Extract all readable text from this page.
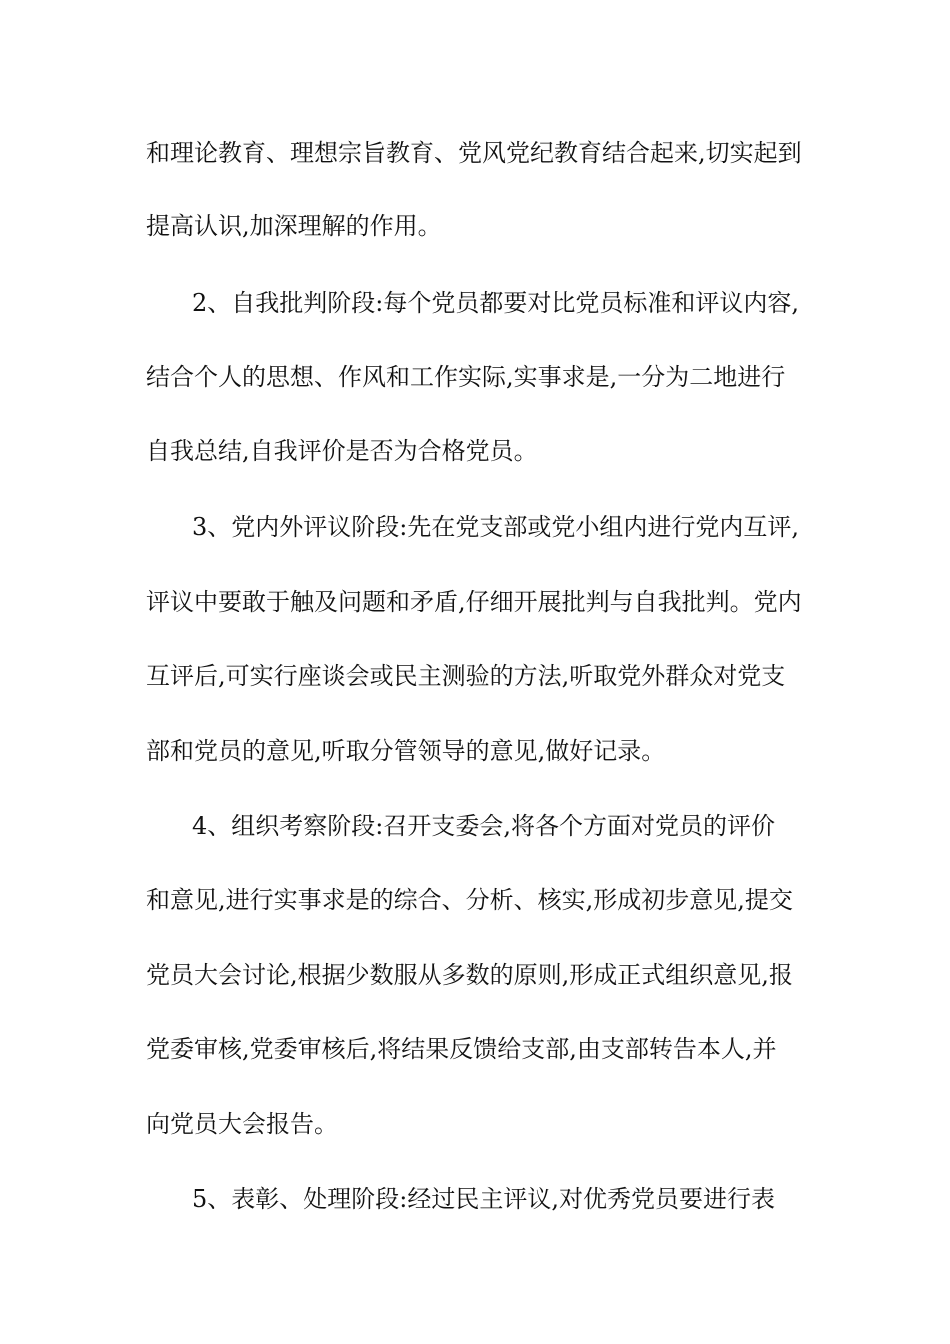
和理论教育、理想宗旨教育、党风党纪教育结合起来,切实起到
提高认识,加深理解的作用。
2、自我批判阶段:每个党员都要对比党员标准和评议内容,
结合个人的思想、作风和工作实际,实事求是,一分为二地进行
自我总结,自我评价是否为合格党员。
3、党内外评议阶段:先在党支部或党小组内进行党内互评,
评议中要敢于触及问题和矛盾,仔细开展批判与自我批判。党内
互评后,可实行座谈会或民主测验的方法,听取党外群众对党支
部和党员的意见,听取分管领导的意见,做好记录。
4、组织考察阶段:召开支委会,将各个方面对党员的评价
和意见,进行实事求是的综合、分析、核实,形成初步意见,提交
党员大会讨论,根据少数服从多数的原则,形成正式组织意见,报
党委审核,党委审核后,将结果反馈给支部,由支部转告本人,并
向党员大会报告。
5、表彰、处理阶段:经过民主评议,对优秀党员要进行表
